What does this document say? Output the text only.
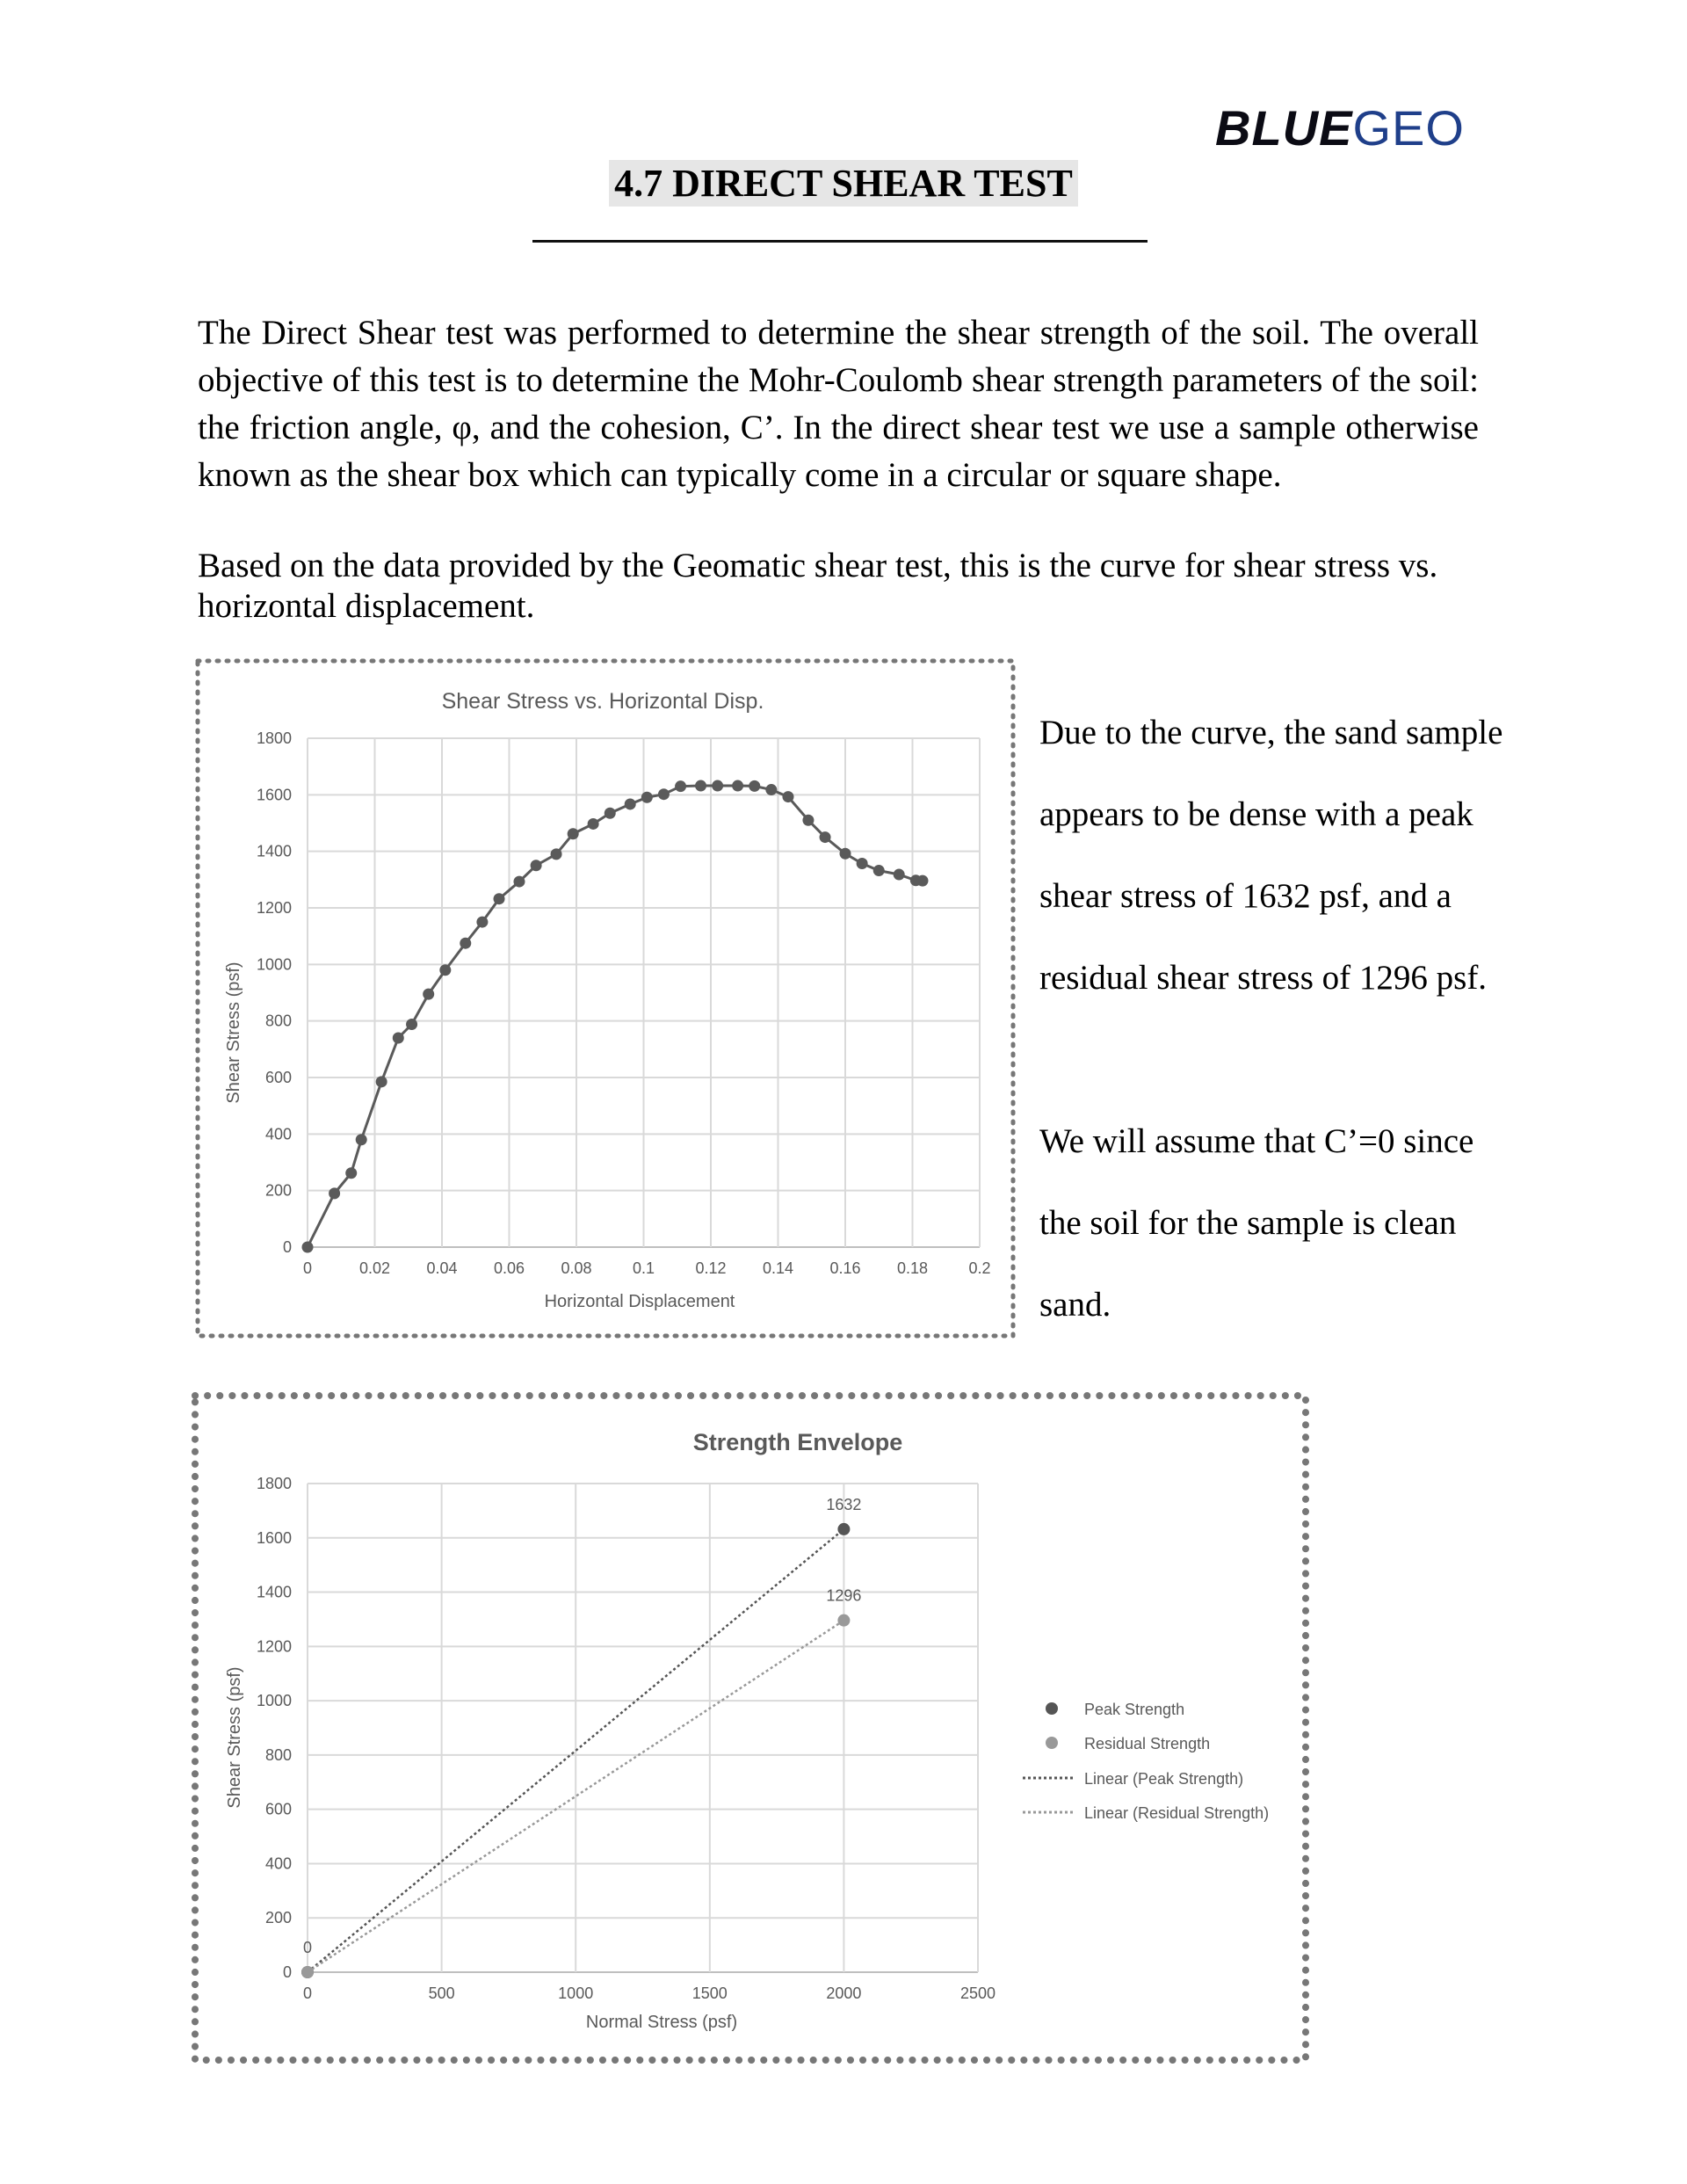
BLUEGEO
4.7 DIRECT SHEAR TEST
The Direct Shear test was performed to determine the shear strength of the soil. The overall objective of this test is to determine the Mohr-Coulomb shear strength parameters of the soil: the friction angle, φ, and the cohesion, C’. In the direct shear test we use a sample otherwise known as the shear box which can typically come in a circular or square shape.
Based on the data provided by the Geomatic shear test, this is the curve for shear stress vs. horizontal displacement.
0
200
400
600
800
1000
1200
1400
1600
1800
0	0.02 0.04 0.06 0.08	0.1	0.12 0.14 0.16 0.18	0.2
Shear Stress vs. Horizontal Disp.
Horizontal Displacement
Shear Stress (psf)

Due to the curve, the sand sample

appears to be dense with a peak

shear stress of 1632 psf, and a

residual shear stress of 1296 psf.

We will assume that C’=0 since

the soil for the sample is clean

sand.

0
200
400
600
800
1000
1200
1400
1600
1800
0	500	1000	1500	2000	2500
0
1632
1296
Strength Envelope
Normal Stress (psf)
Shear Stress (psf)	Peak Strength
Residual Strength
Linear (Peak Strength)
Linear (Residual Strength)
